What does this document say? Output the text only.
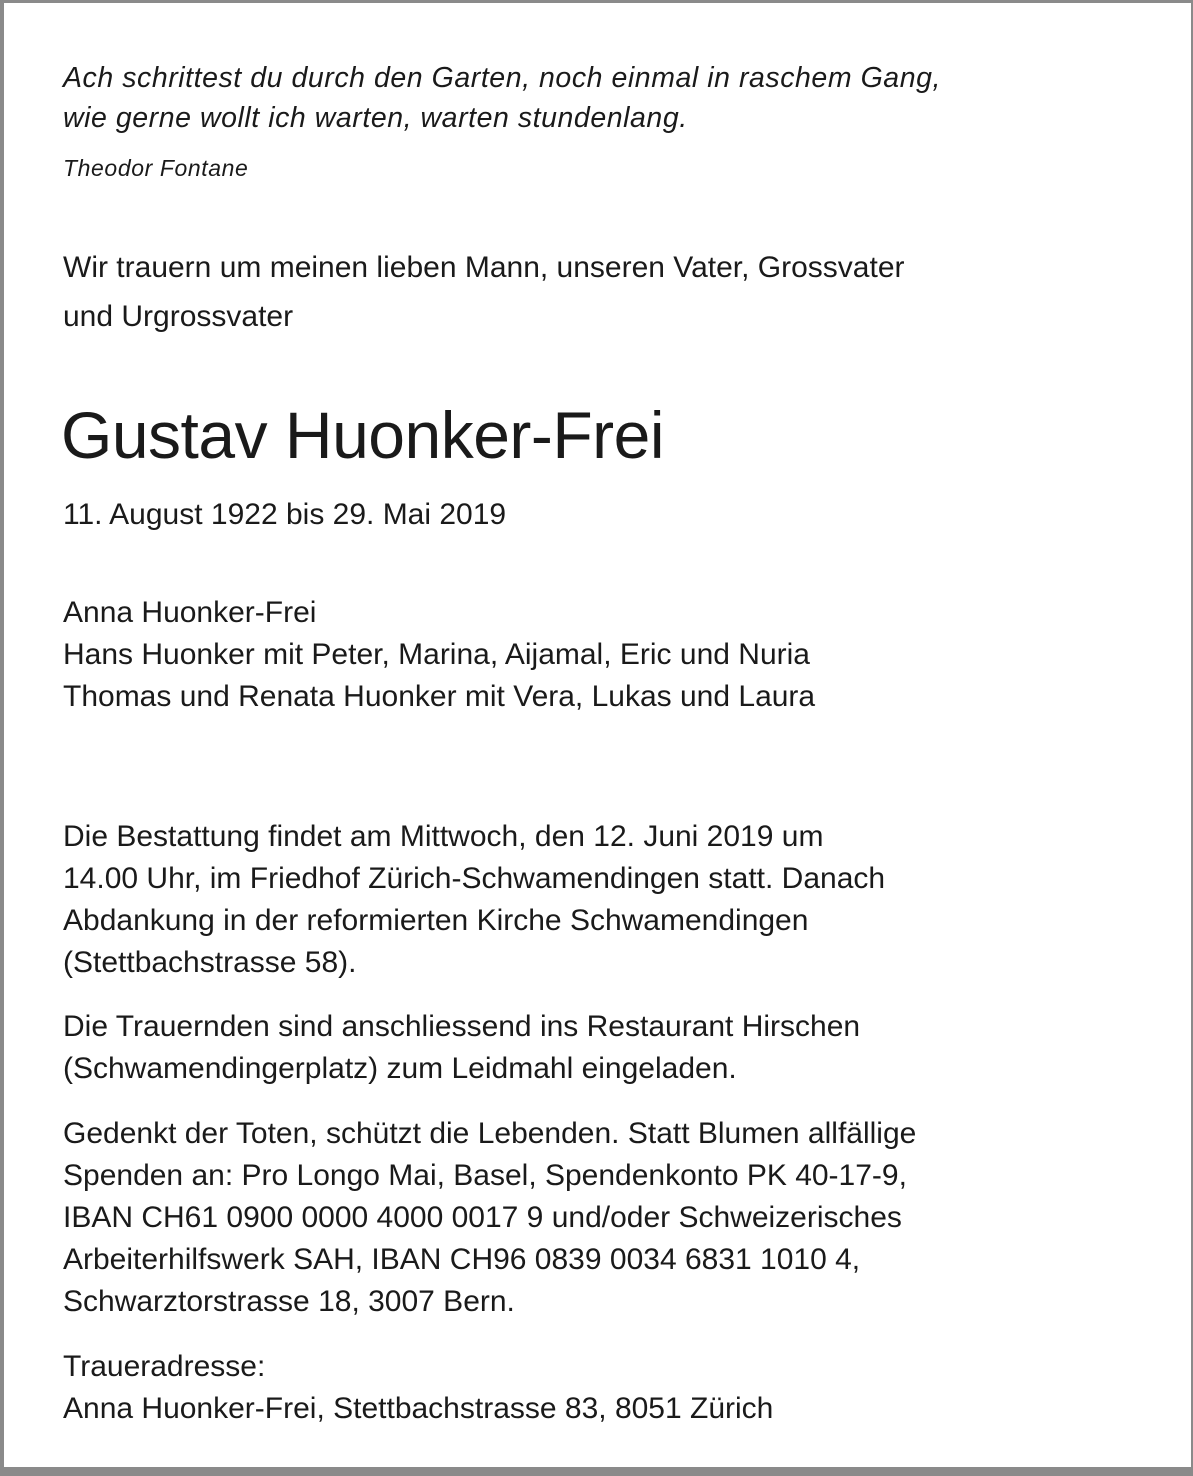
Ach schrittest du durch den Garten, noch einmal in raschem Gang,
wie gerne wollt ich warten, warten stundenlang.
Theodor Fontane
Wir trauern um meinen lieben Mann, unseren Vater, Grossvater
und Urgrossvater
Gustav Huonker-Frei
11. August 1922 bis 29. Mai 2019
Anna Huonker-Frei
Hans Huonker mit Peter, Marina, Aijamal, Eric und Nuria
Thomas und Renata Huonker mit Vera, Lukas und Laura
Die Bestattung findet am Mittwoch, den 12. Juni 2019 um
14.00 Uhr, im Friedhof Zürich-Schwamendingen statt. Danach
Abdankung in der reformierten Kirche Schwamendingen
(Stettbachstrasse 58).
Die Trauernden sind anschliessend ins Restaurant Hirschen
(Schwamendingerplatz) zum Leidmahl eingeladen.
Gedenkt der Toten, schützt die Lebenden. Statt Blumen allfällige
Spenden an: Pro Longo Mai, Basel, Spendenkonto PK 40-17-9,
IBAN CH61 0900 0000 4000 0017 9 und/oder Schweizerisches
Arbeiterhilfswerk SAH, IBAN CH96 0839 0034 6831 1010 4,
Schwarztorstrasse 18, 3007 Bern.
Traueradresse:
Anna Huonker-Frei, Stettbachstrasse 83, 8051 Zürich
